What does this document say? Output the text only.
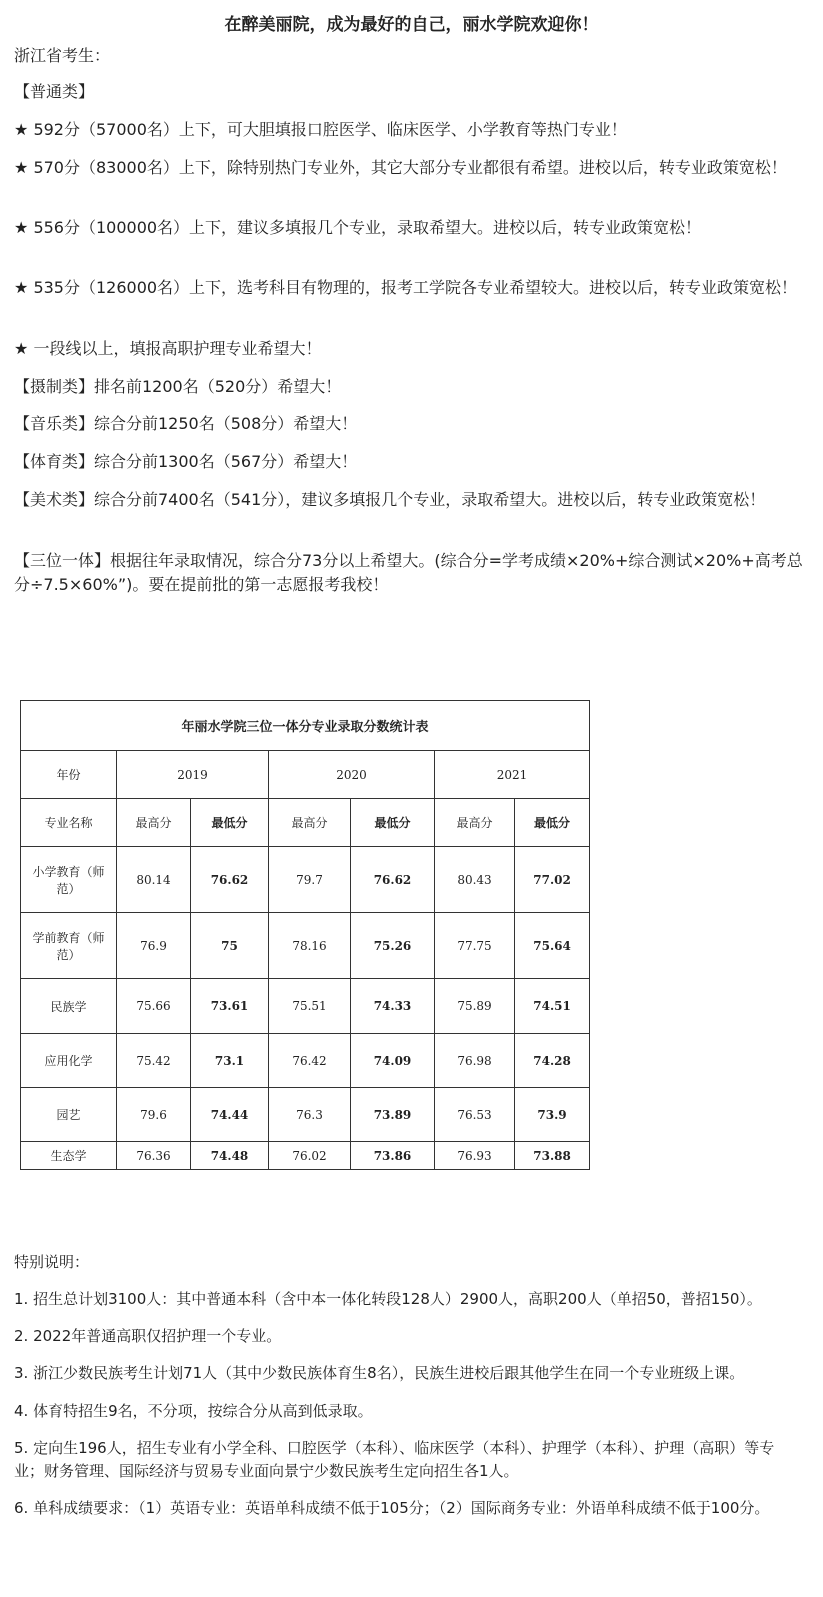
在醉美丽院，成为最好的自己，丽水学院欢迎你！

浙江省考生：

【普通类】

★ 592分（57000名）上下，可大胆填报口腔医学、临床医学、小学教育等热门专业！

★ 570分（83000名）上下，除特别热门专业外，其它大部分专业都很有希望。进校以后，转专业政策宽松！

★ 556分（100000名）上下，建议多填报几个专业，录取希望大。进校以后，转专业政策宽松！

★ 535分（126000名）上下，选考科目有物理的，报考工学院各专业希望较大。进校以后，转专业政策宽松！

★ 一段线以上，填报高职护理专业希望大！

【摄制类】排名前1200名（520分）希望大！

【音乐类】综合分前1250名（508分）希望大！

【体育类】综合分前1300名（567分）希望大！

【美术类】综合分前7400名（541分），建议多填报几个专业，录取希望大。进校以后，转专业政策宽松！

【三位一体】根据往年录取情况，综合分73分以上希望大。(综合分=学考成绩×20%+综合测试×20%+高考总分÷7.5×60%”)。要在提前批的第一志愿报考我校！

年丽水学院三位一体分专业录取分数统计表						
年份	2019		2020		2021	
专业名称	最高分	最低分	最高分	最低分	最高分	最低分
小学教育（师范）	80.14	76.62	79.7	76.62	80.43	77.02
学前教育（师范）	76.9	75	78.16	75.26	77.75	75.64
民族学	75.66	73.61	75.51	74.33	75.89	74.51
应用化学	75.42	73.1	76.42	74.09	76.98	74.28
园艺	79.6	74.44	76.3	73.89	76.53	73.9
生态学	76.36	74.48	76.02	73.86	76.93	73.88

特别说明：

1. 招生总计划3100人：其中普通本科（含中本一体化转段128人）2900人，高职200人（单招50，普招150）。

2. 2022年普通高职仅招护理一个专业。

3. 浙江少数民族考生计划71人（其中少数民族体育生8名），民族生进校后跟其他学生在同一个专业班级上课。

4. 体育特招生9名，不分项，按综合分从高到低录取。

5. 定向生196人，招生专业有小学全科、口腔医学（本科）、临床医学（本科）、护理学（本科）、护理（高职）等专业；财务管理、国际经济与贸易专业面向景宁少数民族考生定向招生各1人。

6. 单科成绩要求：（1）英语专业：英语单科成绩不低于105分；（2）国际商务专业：外语单科成绩不低于100分。
